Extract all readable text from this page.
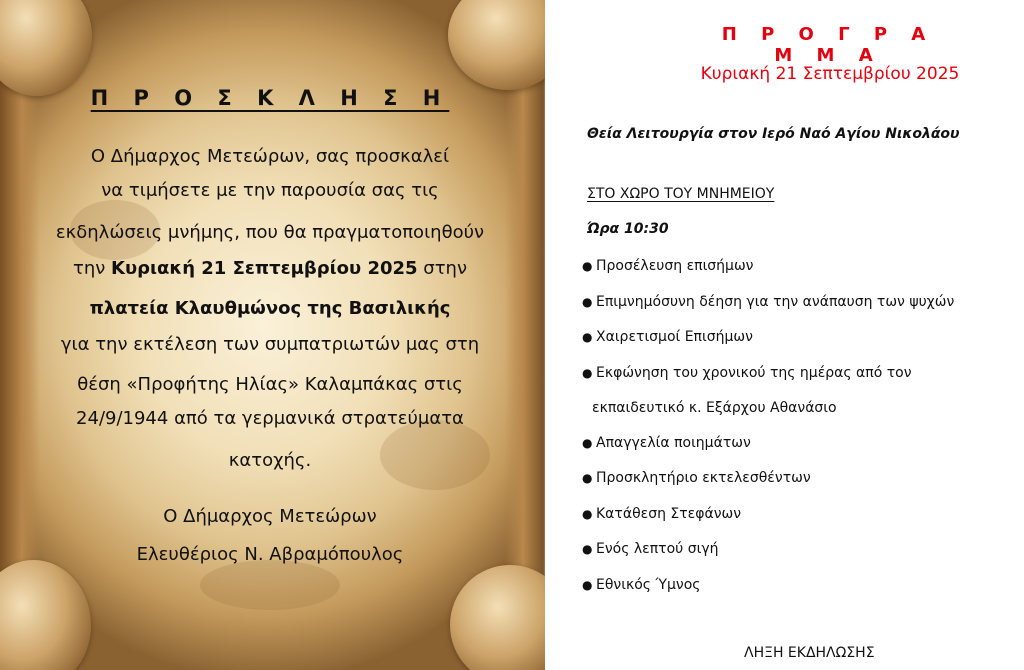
Π Ρ Ο Σ Κ Λ Η Σ Η
Ο Δήμαρχος Μετεώρων, σας προσκαλεί
να τιμήσετε με την παρουσία σας τις
εκδηλώσεις μνήμης, που θα πραγματοποιηθούν
την Κυριακή 21 Σεπτεμβρίου 2025 στην
πλατεία Κλαυθμώνος της Βασιλικής
για την εκτέλεση των συμπατριωτών μας στη
θέση «Προφήτης Ηλίας» Καλαμπάκας στις
24/9/1944 από τα γερμανικά στρατεύματα
κατοχής.
Ο Δήμαρχος Μετεώρων
Ελευθέριος Ν. Αβραμόπουλος
Π Ρ Ο Γ Ρ Α Μ Μ Α
Κυριακή 21 Σεπτεμβρίου 2025
Θεία Λειτουργία στον Ιερό Ναό Αγίου Νικολάου
ΣΤΟ ΧΩΡΟ ΤΟΥ ΜΝΗΜΕΙΟΥ
Ώρα 10:30
● Προσέλευση επισήμων
● Επιμνημόσυνη δέηση για την ανάπαυση των ψυχών
● Χαιρετισμοί Επισήμων
● Εκφώνηση του χρονικού της ημέρας από τον
● Απαγγελία ποιημάτων
● Προσκλητήριο εκτελεσθέντων
● Κατάθεση Στεφάνων
● Ενός λεπτού σιγή
● Εθνικός Ύμνος
εκπαιδευτικό κ. Εξάρχου Αθανάσιο
ΛΗΞΗ ΕΚΔΗΛΩΣΗΣ
